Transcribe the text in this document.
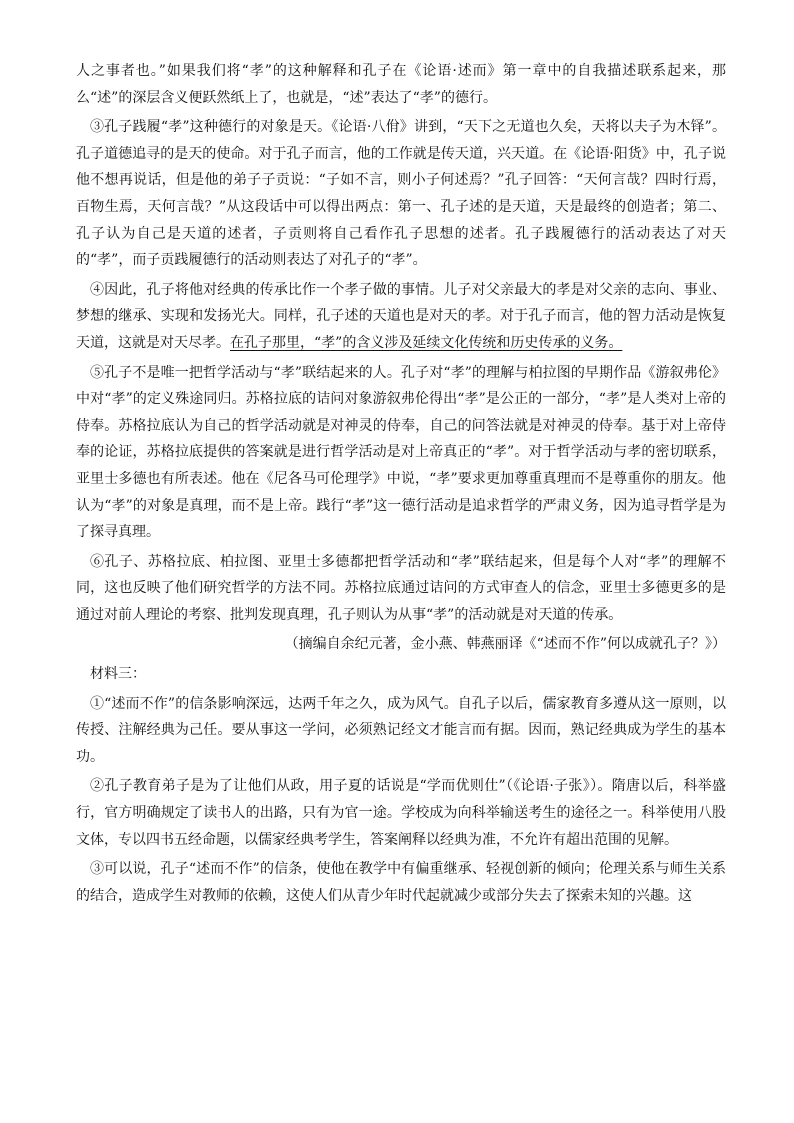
人之事者也。”如果我们将“孝”的这种解释和孔子在《论语·述而》第一章中的自我描述联系起来，那么“述”的深层含义便跃然纸上了，也就是，“述”表达了“孝”的德行。

③孔子践履“孝”这种德行的对象是天。《论语·八佾》讲到，“天下之无道也久矣，天将以夫子为木铎”。孔子道德追寻的是天的使命。对于孔子而言，他的工作就是传天道，兴天道。在《论语·阳货》中，孔子说他不想再说话，但是他的弟子子贡说：“子如不言，则小子何述焉？”孔子回答：“天何言哉？四时行焉，百物生焉，天何言哉？”从这段话中可以得出两点：第一、孔子述的是天道，天是最终的创造者；第二、孔子认为自己是天道的述者，子贡则将自己看作孔子思想的述者。孔子践履德行的活动表达了对天的“孝”，而子贡践履德行的活动则表达了对孔子的“孝”。

④因此，孔子将他对经典的传承比作一个孝子做的事情。儿子对父亲最大的孝是对父亲的志向、事业、梦想的继承、实现和发扬光大。同样，孔子述的天道也是对天的孝。对于孔子而言，他的智力活动是恢复天道，这就是对天尽孝。在孔子那里，“孝”的含义涉及延续文化传统和历史传承的义务。

⑤孔子不是唯一把哲学活动与“孝”联结起来的人。孔子对“孝”的理解与柏拉图的早期作品《游叙弗伦》中对“孝”的定义殊途同归。苏格拉底的诘问对象游叙弗伦得出“孝”是公正的一部分，“孝”是人类对上帝的侍奉。苏格拉底认为自己的哲学活动就是对神灵的侍奉，自己的问答法就是对神灵的侍奉。基于对上帝侍奉的论证，苏格拉底提供的答案就是进行哲学活动是对上帝真正的“孝”。对于哲学活动与孝的密切联系，亚里士多德也有所表述。他在《尼各马可伦理学》中说，“孝”要求更加尊重真理而不是尊重你的朋友。他认为“孝”的对象是真理，而不是上帝。践行“孝”这一德行活动是追求哲学的严肃义务，因为追寻哲学是为了探寻真理。

⑥孔子、苏格拉底、柏拉图、亚里士多德都把哲学活动和“孝”联结起来，但是每个人对“孝”的理解不同，这也反映了他们研究哲学的方法不同。苏格拉底通过诘问的方式审查人的信念，亚里士多德更多的是通过对前人理论的考察、批判发现真理，孔子则认为从事“孝”的活动就是对天道的传承。

（摘编自余纪元著，金小燕、韩燕丽译《“述而不作”何以成就孔子？》）

材料三：

①“述而不作”的信条影响深远，达两千年之久，成为风气。自孔子以后，儒家教育多遵从这一原则，以传授、注解经典为己任。要从事这一学问，必须熟记经文才能言而有据。因而，熟记经典成为学生的基本功。

②孔子教育弟子是为了让他们从政，用子夏的话说是“学而优则仕”（《论语·子张》）。隋唐以后，科举盛行，官方明确规定了读书人的出路，只有为官一途。学校成为向科举输送考生的途径之一。科举使用八股文体，专以四书五经命题，以儒家经典考学生，答案阐释以经典为准，不允许有超出范围的见解。

③可以说，孔子“述而不作”的信条，使他在教学中有偏重继承、轻视创新的倾向；伦理关系与师生关系的结合，造成学生对教师的依赖，这使人们从青少年时代起就减少或部分失去了探索未知的兴趣。这
